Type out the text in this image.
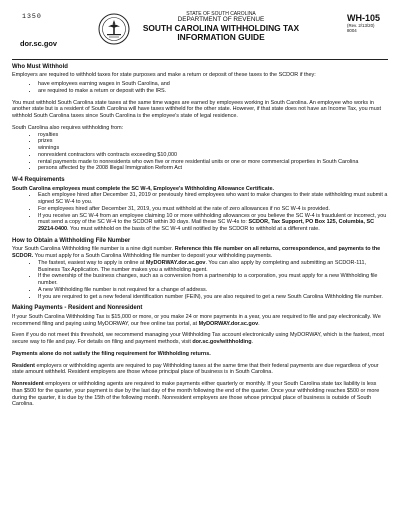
1350
dor.sc.gov
STATE OF SOUTH CAROLINA
DEPARTMENT OF REVENUE
SOUTH CAROLINA WITHHOLDING TAX
INFORMATION GUIDE
WH-105
(Rev. 2/13/20)
8004
Who Must Withhold

Employers are required to withhold taxes for state purposes and make a return or deposit of these taxes to the SCDOR if they:

• have employees earning wages in South Carolina, and
• are required to make a return or deposit with the IRS.

You must withhold South Carolina state taxes at the same time wages are earned by employees working in South Carolina. An employee who works in another state but is a resident of South Carolina will have taxes withheld for the other state. However, if that state does not have an Income Tax, you must withhold South Carolina taxes since South Carolina is the employee's state of legal residence.

South Carolina also requires withholding from:

• royalties
• prizes
• winnings
• nonresident contractors with contracts exceeding $10,000
• rental payments made to nonresidents who own five or more residential units or one or more commercial properties in South Carolina
• persons affected by the 2008 Illegal Immigration Reform Act
W-4 Requirements

South Carolina employees must complete the SC W-4, Employee's Withholding Allowance Certificate.

• Each employee hired after December 31, 2019 or previously hired employees who want to make changes to their state withholding must submit a signed SC W-4 to you.
• For employees hired after December 31, 2019, you must withhold at the rate of zero allowances if no SC W-4 is provided.
• If you receive an SC W-4 from an employee claiming 10 or more withholding allowances or you believe the SC W-4 is fraudulent or incorrect, you must send a copy of the SC W-4 to the SCDOR within 30 days. Mail these SC W-4s to: SCDOR, Tax Support, PO Box 125, Columbia, SC 29214-0400. You must withhold on the basis of the SC W-4 until notified by the SCDOR to withhold at a different rate.
How to Obtain a Withholding File Number

Your South Carolina Withholding file number is a nine digit number. Reference this file number on all returns, correspondence, and payments to the SCDOR. You must apply for a South Carolina Withholding file number to deposit your withholding payments.

• The fastest, easiest way to apply is online at MyDORWAY.dor.sc.gov. You can also apply by completing and submitting an SCDOR-111, Business Tax Application. The number makes you a withholding agent.
• If the ownership of the business changes, such as a conversion from a partnership to a corporation, you must apply for a new Withholding file number.
• A new Withholding file number is not required for a change of address.
• If you are required to get a new federal identification number (FEIN), you are also required to get a new South Carolina Withholding file number.
Making Payments - Resident and Nonresident

If your South Carolina Withholding Tax is $15,000 or more, or you make 24 or more payments in a year, you are required to file and pay electronically. We recommend filing and paying using MyDORWAY, our free online tax portal, at MyDORWAY.dor.sc.gov.

Even if you do not meet this threshold, we recommend managing your Withholding Tax account electronically using MyDORWAY, which is the fastest, most secure way to file and pay. For details on filing and payment methods, visit dor.sc.gov/withholding.

Payments alone do not satisfy the filing requirement for Withholding returns.

Resident employers or withholding agents are required to pay Withholding taxes at the same time that their federal payments are due regardless of your state amount withheld. Resident employers are those whose principal place of business is in South Carolina.

Nonresident employers or withholding agents are required to make payments either quarterly or monthly. If your South Carolina state tax liability is less than $500 for the quarter, your payment is due by the last day of the month following the end of the quarter. Once your withholding reaches $500 or more during the quarter, it is due by the 15th of the following month. Nonresident employers are those whose principal place of business is outside of South Carolina.
